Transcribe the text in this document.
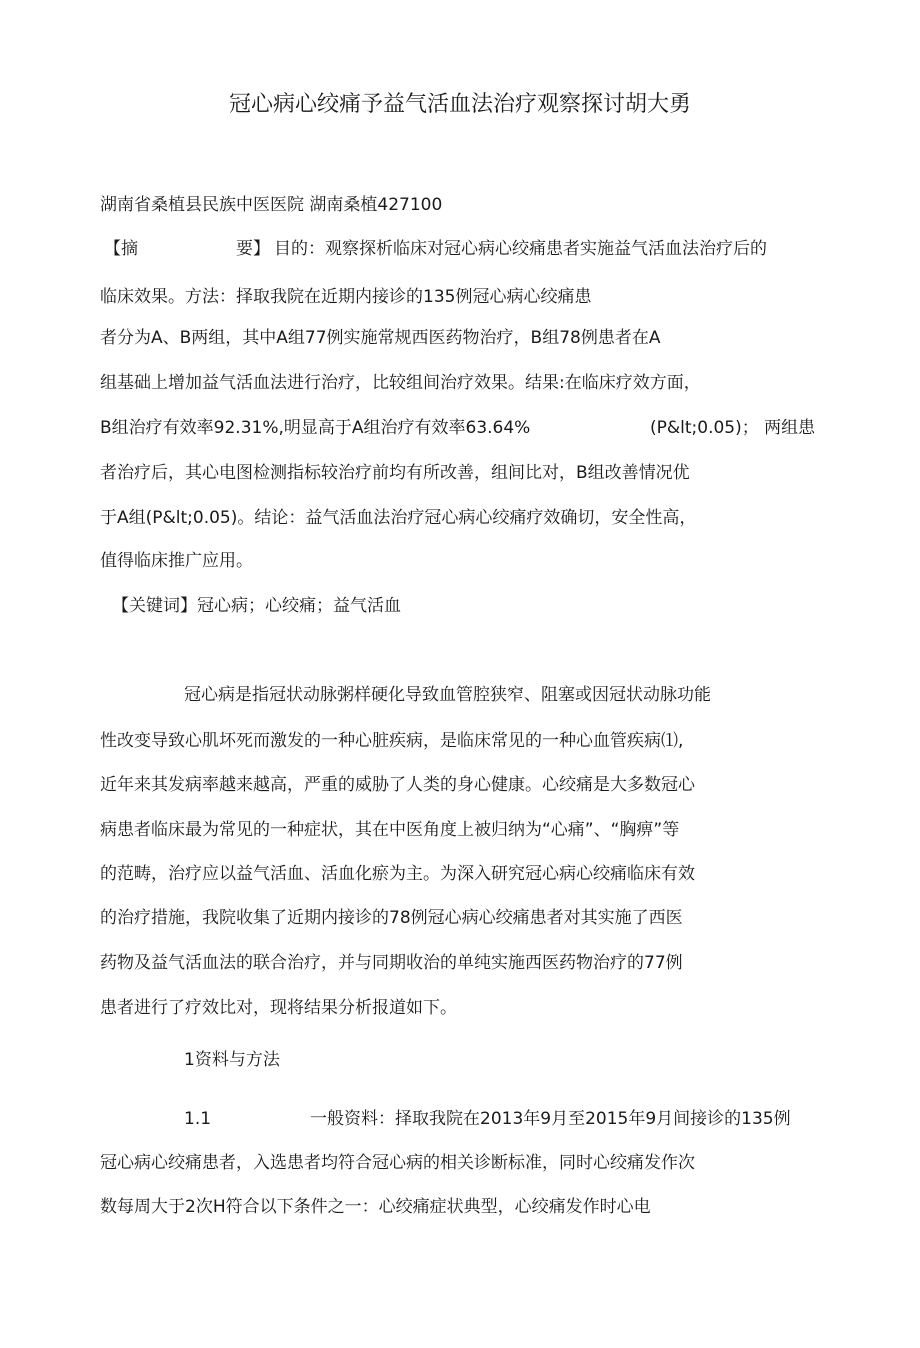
冠心病心绞痛予益气活血法治疗观察探讨胡大勇
湖南省桑植县民族中医医院 湖南桑植427100
【摘	要】 目的：观察探析临床对冠心病心绞痛患者实施益气活血法治疗后的
临床效果。方法：择取我院在近期内接诊的135例冠心病心绞痛患
者分为A、B两组，其中A组77例实施常规西医药物治疗，B组78例患者在A
组基础上增加益气活血法进行治疗，比较组间治疗效果。结果:在临床疗效方面，
B组治疗有效率92.31%,明显高于A组治疗有效率63.64%	(P&lt;0.05)； 两组患
者治疗后，其心电图检测指标较治疗前均有所改善，组间比对，B组改善情况优
于A组(P&lt;0.05)。结论：益气活血法治疗冠心病心绞痛疗效确切，安全性高，
值得临床推广应用。
【关键词】冠心病；心绞痛；益气活血
冠心病是指冠状动脉粥样硬化导致血管腔狭窄、阻塞或因冠状动脉功能
性改变导致心肌坏死而激发的一种心脏疾病，是临床常见的一种心血管疾病⑴,
近年来其发病率越来越高，严重的威胁了人类的身心健康。心绞痛是大多数冠心
病患者临床最为常见的一种症状，其在中医角度上被归纳为“心痛”、“胸痹”等
的范畴，治疗应以益气活血、活血化瘀为主。为深入研究冠心病心绞痛临床有效
的治疗措施，我院收集了近期内接诊的78例冠心病心绞痛患者对其实施了西医
药物及益气活血法的联合治疗，并与同期收治的单纯实施西医药物治疗的77例
患者进行了疗效比对，现将结果分析报道如下。
1资料与方法
1.1	一般资料：择取我院在2013年9月至2015年9月间接诊的135例
冠心病心绞痛患者，入选患者均符合冠心病的相关诊断标准，同时心绞痛发作次
数每周大于2次H符合以下条件之一：心绞痛症状典型，心绞痛发作时心电
